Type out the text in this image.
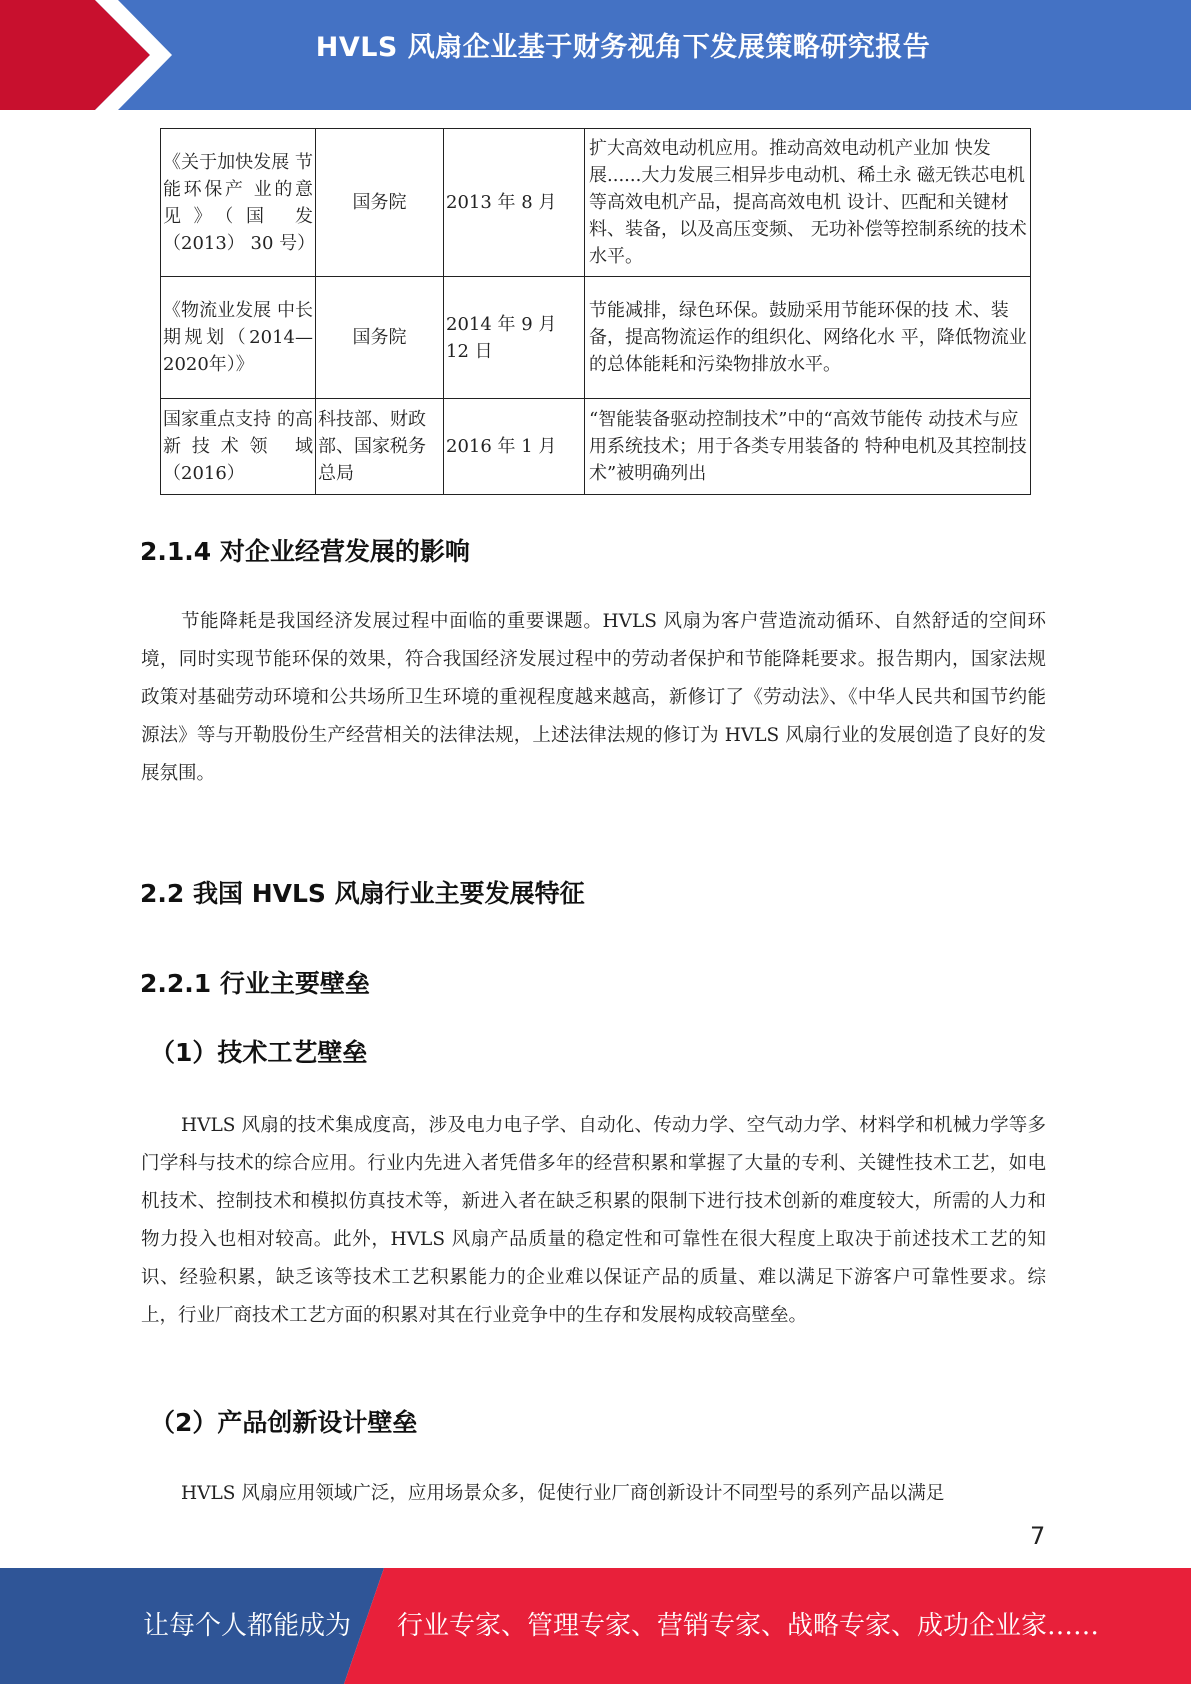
HVLS 风扇企业基于财务视角下发展策略研究报告
《关于加快发展 节能环保产 业的意见》（国 发（2013） 30 号）	国务院	2013 年 8 月	扩大高效电动机应用。推动高效电动机产业加 快发展......大力发展三相异步电动机、稀土永 磁无铁芯电机等高效电机产品，提高高效电机 设计、匹配和关键材料、装备，以及高压变频、 无功补偿等控制系统的技术水平。
《物流业发展 中长期规划（2014—2020年）》	国务院	2014 年 9 月 12 日	节能减排，绿色环保。鼓励采用节能环保的技 术、装备，提高物流运作的组织化、网络化水 平，降低物流业的总体能耗和污染物排放水平。
国家重点支持 的高新技术领 域（2016）	科技部、财政部、国家税务总局	2016 年 1 月	“智能装备驱动控制技术”中的“高效节能传 动技术与应用系统技术；用于各类专用装备的 特种电机及其控制技术”被明确列出
2.1.4 对企业经营发展的影响

节能降耗是我国经济发展过程中面临的重要课题。HVLS 风扇为客户营造流动循环、自然舒适的空间环境，同时实现节能环保的效果，符合我国经济发展过程中的劳动者保护和节能降耗要求。报告期内，国家法规政策对基础劳动环境和公共场所卫生环境的重视程度越来越高，新修订了《劳动法》、《中华人民共和国节约能源法》等与开勒股份生产经营相关的法律法规，上述法律法规的修订为 HVLS 风扇行业的发展创造了良好的发展氛围。

2.2 我国 HVLS 风扇行业主要发展特征
2.2.1 行业主要壁垒
（1）技术工艺壁垒

HVLS 风扇的技术集成度高，涉及电力电子学、自动化、传动力学、空气动力学、材料学和机械力学等多门学科与技术的综合应用。行业内先进入者凭借多年的经营积累和掌握了大量的专利、关键性技术工艺，如电机技术、控制技术和模拟仿真技术等，新进入者在缺乏积累的限制下进行技术创新的难度较大，所需的人力和物力投入也相对较高。此外，HVLS 风扇产品质量的稳定性和可靠性在很大程度上取决于前述技术工艺的知识、经验积累，缺乏该等技术工艺积累能力的企业难以保证产品的质量、难以满足下游客户可靠性要求。综上，行业厂商技术工艺方面的积累对其在行业竞争中的生存和发展构成较高壁垒。

（2）产品创新设计壁垒

HVLS 风扇应用领域广泛，应用场景众多，促使行业厂商创新设计不同型号的系列产品以满足

7
让每个人都能成为 行业专家、管理专家、营销专家、战略专家、成功企业家……
